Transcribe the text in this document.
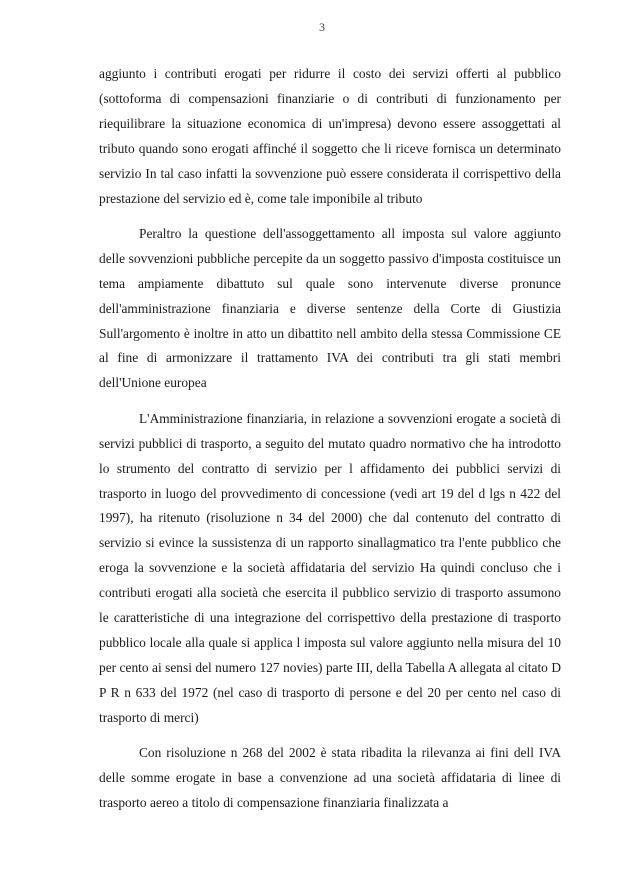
3

aggiunto i contributi erogati per ridurre il costo dei servizi offerti al pubblico (sottoforma di compensazioni finanziarie o di contributi di funzionamento per riequilibrare la situazione economica di un'impresa) devono essere assoggettati al tributo quando sono erogati affinché il soggetto che li riceve fornisca un determinato servizio In tal caso infatti la sovvenzione può essere considerata il corrispettivo della prestazione del servizio ed è, come tale imponibile al tributo

Peraltro la questione dell'assoggettamento all imposta sul valore aggiunto delle sovvenzioni pubbliche percepite da un soggetto passivo d'imposta costituisce un tema ampiamente dibattuto sul quale sono intervenute diverse pronunce dell'amministrazione finanziaria e diverse sentenze della Corte di Giustizia Sull'argomento è inoltre in atto un dibattito nell ambito della stessa Commissione CE al fine di armonizzare il trattamento IVA dei contributi tra gli stati membri dell'Unione europea

L'Amministrazione finanziaria, in relazione a sovvenzioni erogate a società di servizi pubblici di trasporto, a seguito del mutato quadro normativo che ha introdotto lo strumento del contratto di servizio per l affidamento dei pubblici servizi di trasporto in luogo del provvedimento di concessione (vedi art 19 del d lgs n 422 del 1997), ha ritenuto (risoluzione n 34 del 2000) che dal contenuto del contratto di servizio si evince la sussistenza di un rapporto sinallagmatico tra l'ente pubblico che eroga la sovvenzione e la società affidataria del servizio Ha quindi concluso che i contributi erogati alla società che esercita il pubblico servizio di trasporto assumono le caratteristiche di una integrazione del corrispettivo della prestazione di trasporto pubblico locale alla quale si applica l imposta sul valore aggiunto nella misura del 10 per cento ai sensi del numero 127 novies) parte III, della Tabella A allegata al citato D P R n 633 del 1972 (nel caso di trasporto di persone e del 20 per cento nel caso di trasporto di merci)

Con risoluzione n 268 del 2002 è stata ribadita la rilevanza ai fini dell IVA delle somme erogate in base a convenzione ad una società affidataria di linee di trasporto aereo a titolo di compensazione finanziaria finalizzata a
